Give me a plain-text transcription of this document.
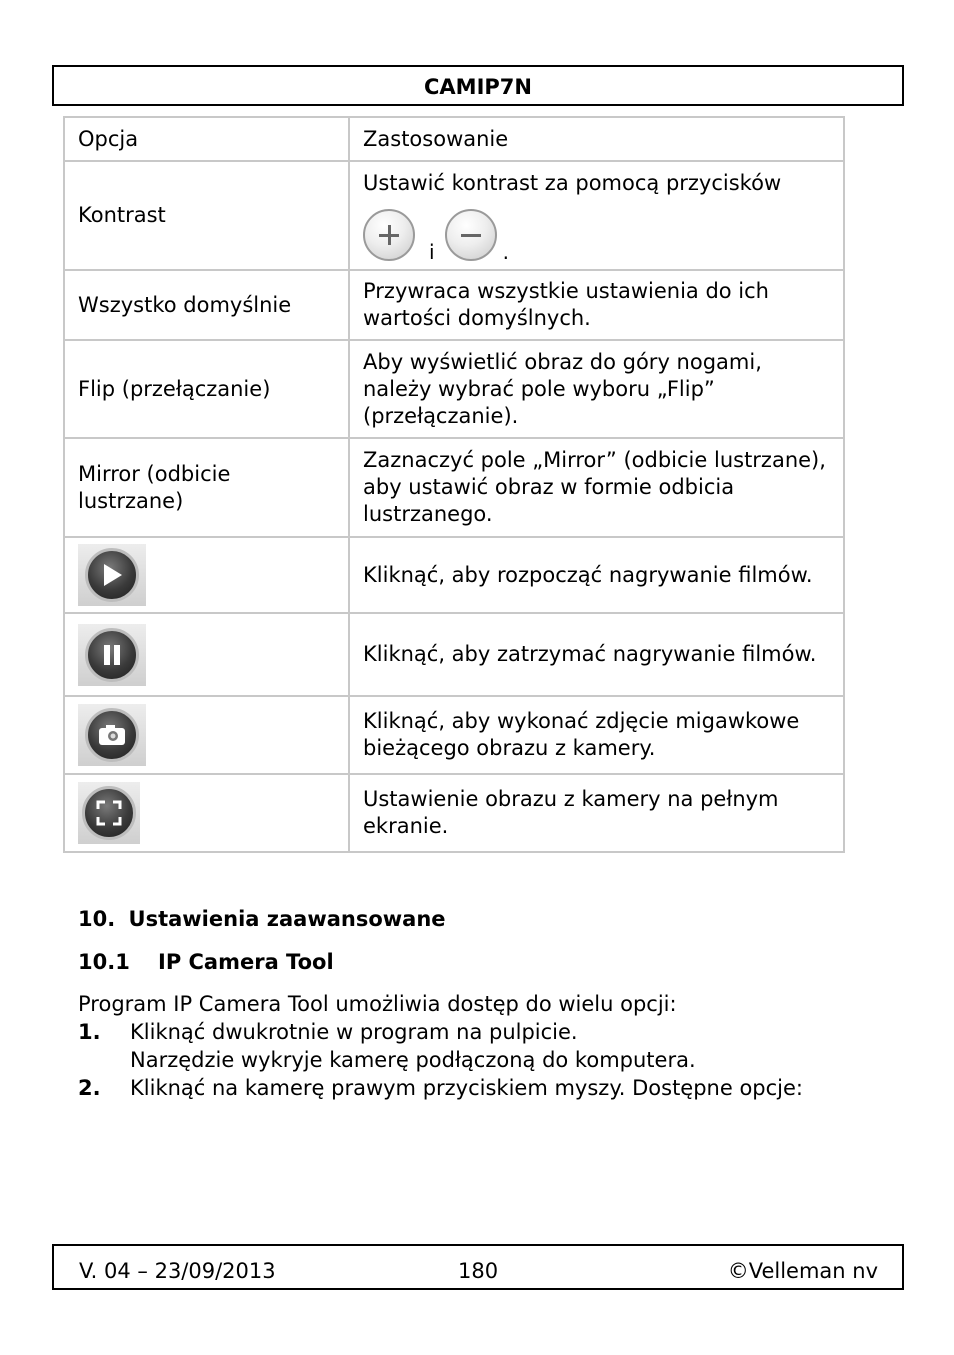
CAMIP7N
Opcja	Zastosowanie
Kontrast	Ustawić kontrast za pomocą przycisków
i .

Wszystko domyślnie	Przywraca wszystkie ustawienia do ich wartości domyślnych.
Flip (przełączanie)	Aby wyświetlić obraz do góry nogami, należy wybrać pole wyboru „Flip” (przełączanie).
Mirror (odbicie lustrzane)	Zaznaczyć pole „Mirror” (odbicie lustrzane), aby ustawić obraz w formie odbicia lustrzanego.

	Kliknąć, aby rozpocząć nagrywanie filmów.

	Kliknąć, aby zatrzymać nagrywanie filmów.

	Kliknąć, aby wykonać zdjęcie migawkowe bieżącego obrazu z kamery.

	Ustawienie obrazu z kamery na pełnym ekranie.
10. Ustawienia zaawansowane
10.1 IP Camera Tool
Program IP Camera Tool umożliwia dostęp do wielu opcji:
1.	Kliknąć dwukrotnie w program na pulpicie.
Narzędzie wykryje kamerę podłączoną do komputera.
2.	Kliknąć na kamerę prawym przyciskiem myszy. Dostępne opcje:
V. 04 – 23/09/2013	180	©Velleman nv
